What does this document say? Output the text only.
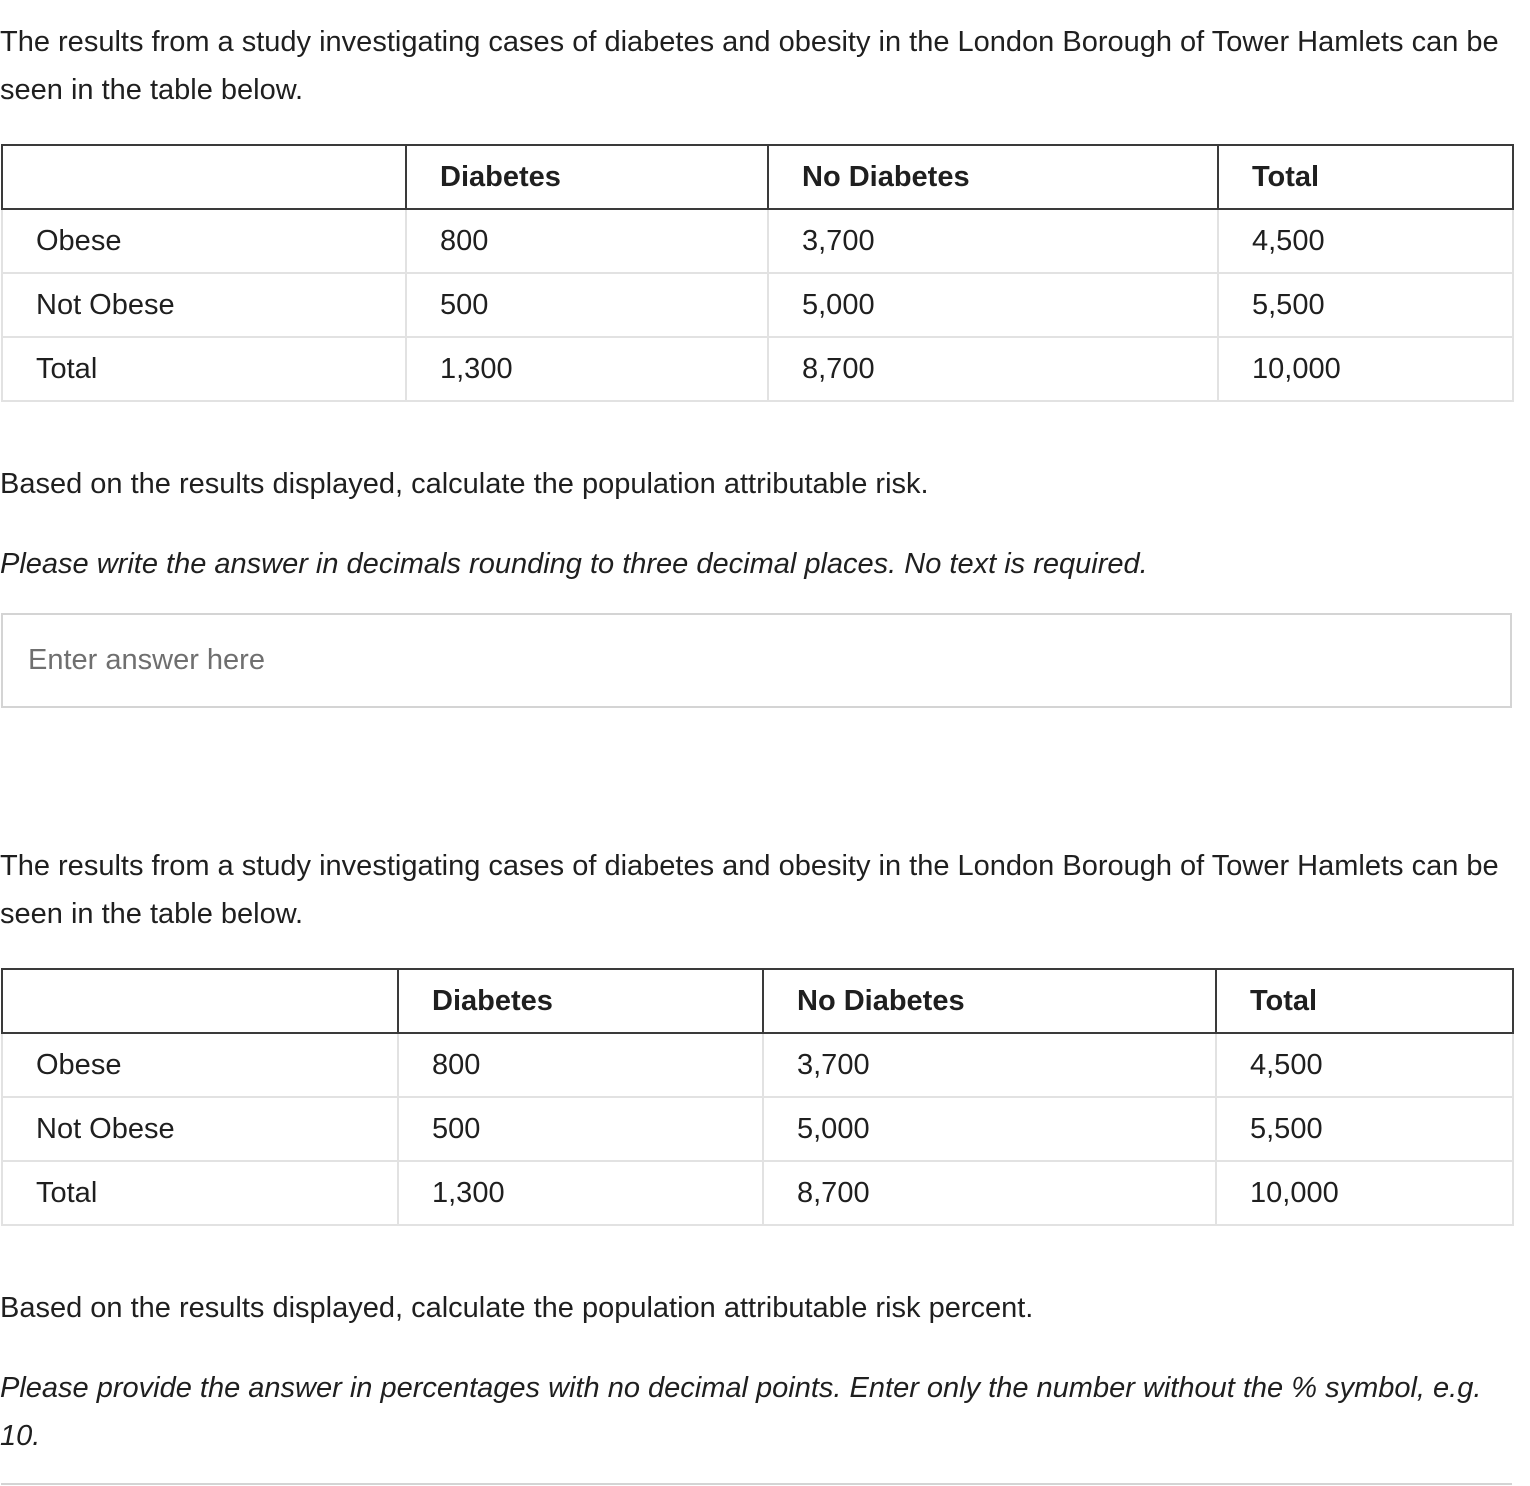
The results from a study investigating cases of diabetes and obesity in the London Borough of Tower Hamlets can be seen in the table below.

	Diabetes	No Diabetes	Total
Obese	800	3,700	4,500
Not Obese	500	5,000	5,500
Total	1,300	8,700	10,000

Based on the results displayed, calculate the population attributable risk.

Please write the answer in decimals rounding to three decimal places. No text is required.

Enter answer here

The results from a study investigating cases of diabetes and obesity in the London Borough of Tower Hamlets can be seen in the table below.

	Diabetes	No Diabetes	Total
Obese	800	3,700	4,500
Not Obese	500	5,000	5,500
Total	1,300	8,700	10,000

Based on the results displayed, calculate the population attributable risk percent.

Please provide the answer in percentages with no decimal points. Enter only the number without the % symbol, e.g. 10.
